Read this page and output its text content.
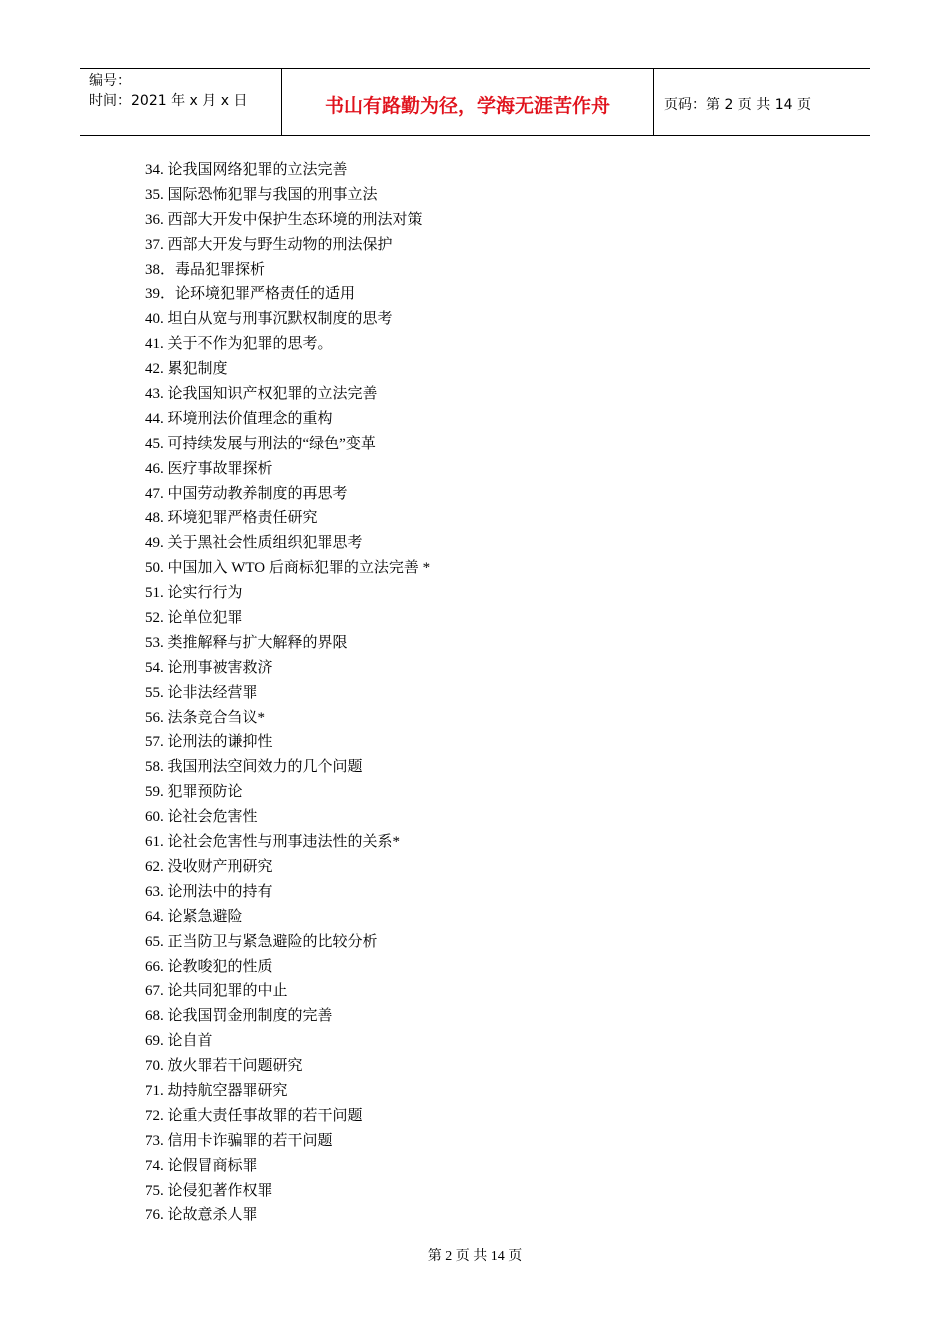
编号：
时间：2021 年 x 月 x 日	书山有路勤为径，学海无涯苦作舟	页码：第 2 页 共 14 页
34. 论我国网络犯罪的立法完善
35. 国际恐怖犯罪与我国的刑事立法
36. 西部大开发中保护生态环境的刑法对策
37. 西部大开发与野生动物的刑法保护
38．毒品犯罪探析
39．论环境犯罪严格责任的适用
40. 坦白从宽与刑事沉默权制度的思考
41. 关于不作为犯罪的思考。
42. 累犯制度
43. 论我国知识产权犯罪的立法完善
44. 环境刑法价值理念的重构
45. 可持续发展与刑法的“绿色”变革
46. 医疗事故罪探析
47. 中国劳动教养制度的再思考
48. 环境犯罪严格责任研究
49. 关于黑社会性质组织犯罪思考
50. 中国加入 WTO 后商标犯罪的立法完善 *
51. 论实行行为
52. 论单位犯罪
53. 类推解释与扩大解释的界限
54. 论刑事被害救济
55. 论非法经营罪
56. 法条竞合刍议*
57. 论刑法的谦抑性
58. 我国刑法空间效力的几个问题
59. 犯罪预防论
60. 论社会危害性
61. 论社会危害性与刑事违法性的关系*
62. 没收财产刑研究
63. 论刑法中的持有
64. 论紧急避险
65. 正当防卫与紧急避险的比较分析
66. 论教唆犯的性质
67. 论共同犯罪的中止
68. 论我国罚金刑制度的完善
69. 论自首
70. 放火罪若干问题研究
71. 劫持航空器罪研究
72. 论重大责任事故罪的若干问题
73. 信用卡诈骗罪的若干问题
74. 论假冒商标罪
75. 论侵犯著作权罪
76. 论故意杀人罪
第 2 页 共 14 页
